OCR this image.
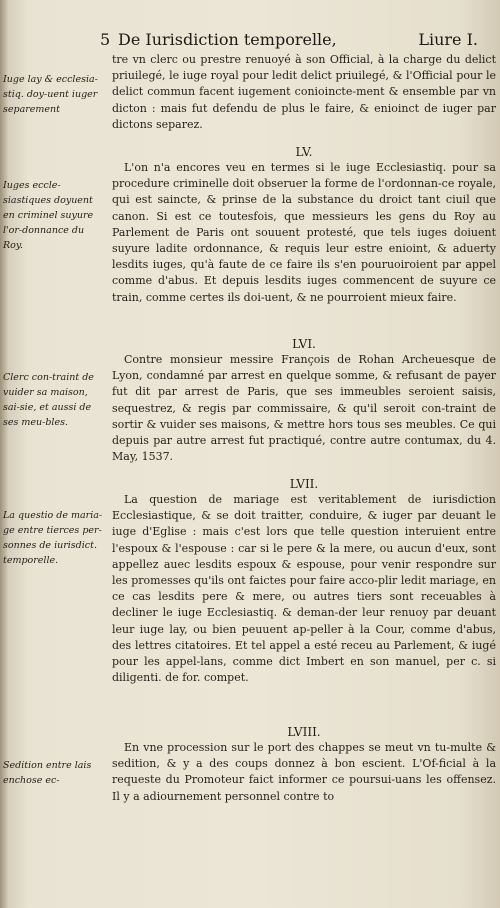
5 De Iurisdiction temporelle,	Liure I.
Iuge lay & ecclesia-stiq. doy-uent iuger separement
tre vn clerc ou prestre renuoyé à son Official, à la charge du delict priuilegé, le iuge royal pour ledit delict priuilegé, & l'Official pour le delict commun facent iugement conioincte-ment & ensemble par vn dicton : mais fut defendu de plus le faire, & enioinct de iuger par dictons separez.
LV.
Iuges eccle-siastiques doyuent en criminel suyure l'or-donnance du Roy.
L'on n'a encores veu en termes si le iuge Ecclesiastiq. pour sa procedure criminelle doit obseruer la forme de l'ordonnan-ce royale, qui est saincte, & prinse de la substance du droict tant ciuil que canon. Si est ce toutesfois, que messieurs les gens du Roy au Parlement de Paris ont souuent protesté, que tels iuges doiuent suyure ladite ordonnance, & requis leur estre enioint, & aduerty lesdits iuges, qu'à faute de ce faire ils s'en pouruoiroient par appel comme d'abus. Et depuis lesdits iuges commencent de suyure ce train, comme certes ils doi-uent, & ne pourroient mieux faire.
LVI.
Clerc con-traint de vuider sa maison, sai-sie, et aussi de ses meu-bles.
Contre monsieur messire François de Rohan Archeuesque de Lyon, condamné par arrest en quelque somme, & refusant de payer fut dit par arrest de Paris, que ses immeubles seroient saisis, sequestrez, & regis par commissaire, & qu'il seroit con-traint de sortir & vuider ses maisons, & mettre hors tous ses meubles. Ce qui depuis par autre arrest fut practiqué, contre autre contumax, du 4. May, 1537.
LVII.
La questio de maria-ge entre tierces per-sonnes de iurisdict. temporelle.
La question de mariage est veritablement de iurisdiction Ecclesiastique, & se doit traitter, conduire, & iuger par deuant le iuge d'Eglise : mais c'est lors que telle question interuient entre l'espoux & l'espouse : car si le pere & la mere, ou aucun d'eux, sont appellez auec lesdits espoux & espouse, pour venir respondre sur les promesses qu'ils ont faictes pour faire acco-plir ledit mariage, en ce cas lesdits pere & mere, ou autres tiers sont receuables à decliner le iuge Ecclesiastiq. & deman-der leur renuoy par deuant leur iuge lay, ou bien peuuent ap-peller à la Cour, comme d'abus, des lettres citatoires. Et tel appel a esté receu au Parlement, & iugé pour les appel-lans, comme dict Imbert en son manuel, per c. si diligenti. de for. compet.
LVIII.
Sedition entre lais enchose ec-
En vne procession sur le port des chappes se meut vn tu-multe & sedition, & y a des coups donnez à bon escient. L'Of-ficial à la requeste du Promoteur faict informer ce poursui-uans les offensez. Il y a adiournement personnel contre to
